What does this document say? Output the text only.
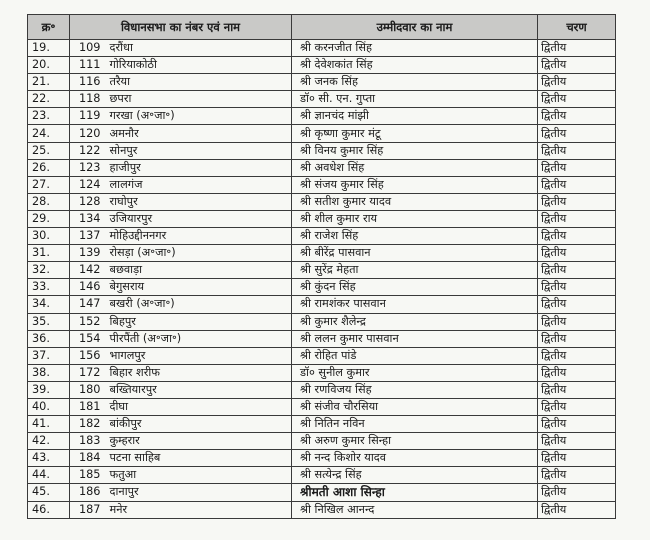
क्र॰	विधानसभा का नंबर एवं नाम		उम्मीदवार का नाम	चरण
19.	109	दरौंधा	श्री करनजीत सिंह	द्वितीय
20.	111	गोरियाकोठी	श्री देवेशकांत सिंह	द्वितीय
21.	116	तरैया	श्री जनक सिंह	द्वितीय
22.	118	छपरा	डॉ० सी. एन. गुप्ता	द्वितीय
23.	119	गरखा (अ॰जा॰)	श्री ज्ञानचंद मांझी	द्वितीय
24.	120	अमनौर	श्री कृष्णा कुमार मंटू	द्वितीय
25.	122	सोनपुर	श्री विनय कुमार सिंह	द्वितीय
26.	123	हाजीपुर	श्री अवधेश सिंह	द्वितीय
27.	124	लालगंज	श्री संजय कुमार सिंह	द्वितीय
28.	128	राघोपुर	श्री सतीश कुमार यादव	द्वितीय
29.	134	उजियारपुर	श्री शील कुमार राय	द्वितीय
30.	137	मोहिउद्दीननगर	श्री राजेश सिंह	द्वितीय
31.	139	रोसड़ा (अ॰जा॰)	श्री बीरेंद्र पासवान	द्वितीय
32.	142	बछवाड़ा	श्री सुरेंद्र मेहता	द्वितीय
33.	146	बेगुसराय	श्री कुंदन सिंह	द्वितीय
34.	147	बखरी (अ॰जा॰)	श्री रामशंकर पासवान	द्वितीय
35.	152	बिहपुर	श्री कुमार शैलेन्द्र	द्वितीय
36.	154	पीरपैंती (अ॰जा॰)	श्री ललन कुमार पासवान	द्वितीय
37.	156	भागलपुर	श्री रोहित पांडे	द्वितीय
38.	172	बिहार शरीफ	डॉ० सुनील कुमार	द्वितीय
39.	180	बख्तियारपुर	श्री रणविजय सिंह	द्वितीय
40.	181	दीघा	श्री संजीव चौरसिया	द्वितीय
41.	182	बांकीपुर	श्री नितिन नविन	द्वितीय
42.	183	कुम्हरार	श्री अरुण कुमार सिन्हा	द्वितीय
43.	184	पटना साहिब	श्री नन्द किशोर यादव	द्वितीय
44.	185	फतुआ	श्री सत्येन्द्र सिंह	द्वितीय
45.	186	दानापुर	श्रीमती आशा सिन्हा	द्वितीय
46.	187	मनेर	श्री निखिल आनन्द	द्वितीय
